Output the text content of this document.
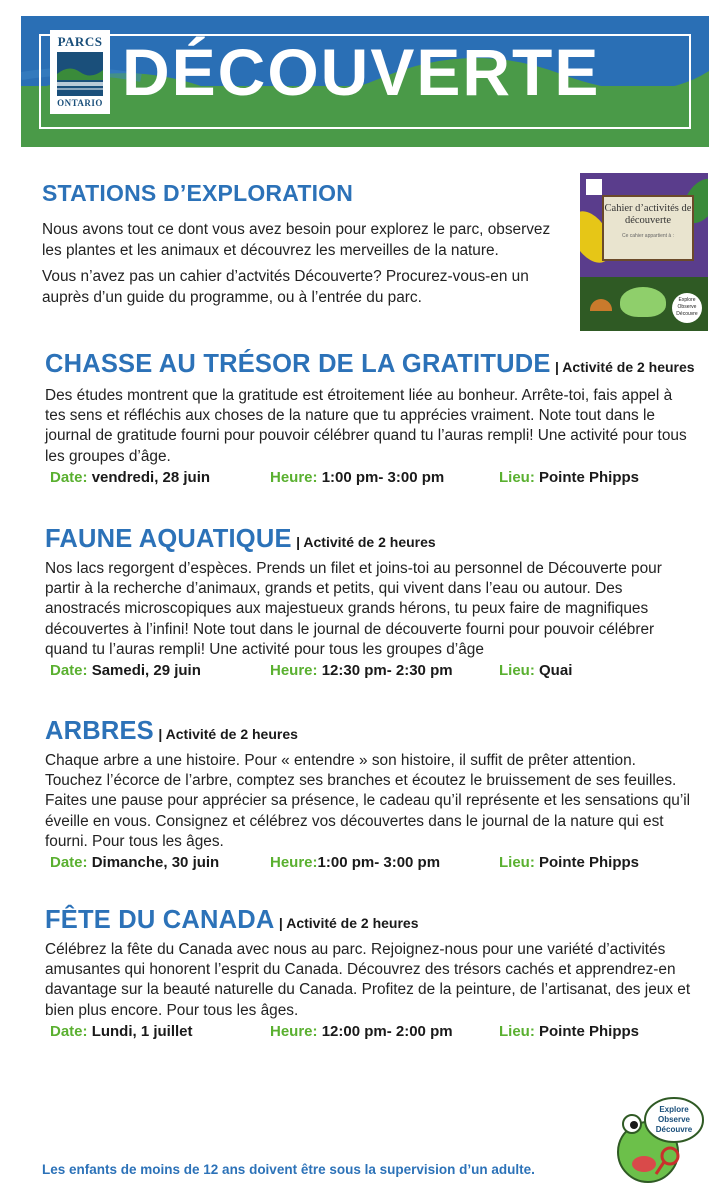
PARCS
ONTARIO DÉCOUVERTE
STATIONS D’EXPLORATION

Nous avons tout ce dont vous avez besoin pour explorez le parc, observez les plantes et les animaux et découvrez les merveilles de la nature.

Vous n’avez pas un cahier d’actvités Découverte? Procurez-vous-en un auprès d’un guide du programme, ou à l’entrée du parc.

Cahier d’activités de découverte
Ce cahier appartient à :
Explore Observe Découvre
CHASSE AU TRÉSOR DE LA GRATITUDE | Activité de 2 heures

Des études montrent que la gratitude est étroitement liée au bonheur. Arrête-toi, fais appel à tes sens et réfléchis aux choses de la nature que tu apprécies vraiment. Note tout dans le journal de gratitude fourni pour pouvoir célébrer quand tu l’auras rempli! Une activité pour tous les groupes d’âge.

Date: vendredi, 28 juin	Heure: 1:00 pm- 3:00 pm	Lieu: Pointe Phipps
FAUNE AQUATIQUE | Activité de 2 heures

Nos lacs regorgent d’espèces. Prends un filet et joins-toi au personnel de Découverte pour partir à la recherche d’animaux, grands et petits, qui vivent dans l’eau ou autour. Des anostracés microscopiques aux majestueux grands hérons, tu peux faire de magnifiques découvertes à l’infini! Note tout dans le journal de découverte fourni pour pouvoir célébrer quand tu l’auras rempli! Une activité pour tous les groupes d’âge

Date: Samedi, 29 juin	Heure: 12:30 pm- 2:30 pm	Lieu: Quai
ARBRES | Activité de 2 heures

Chaque arbre a une histoire. Pour « entendre » son histoire, il suffit de prêter attention. Touchez l’écorce de l’arbre, comptez ses branches et écoutez le bruissement de ses feuilles. Faites une pause pour apprécier sa présence, le cadeau qu’il représente et les sensations qu’il éveille en vous. Consignez et célébrez vos découvertes dans le journal de la nature qui est fourni. Pour tous les âges.

Date: Dimanche, 30 juin	Heure:1:00 pm- 3:00 pm	Lieu: Pointe Phipps
FÊTE DU CANADA | Activité de 2 heures

Célébrez la fête du Canada avec nous au parc. Rejoignez-nous pour une variété d’activités amusantes qui honorent l’esprit du Canada. Découvrez des trésors cachés et apprendrez-en davantage sur la beauté naturelle du Canada. Profitez de la peinture, de l’artisanat, des jeux et bien plus encore. Pour tous les âges.

Date: Lundi, 1 juillet	Heure: 12:00 pm- 2:00 pm	Lieu: Pointe Phipps
Explore
Observe
Découvre
Les enfants de moins de 12 ans doivent être sous la supervision d’un adulte.
